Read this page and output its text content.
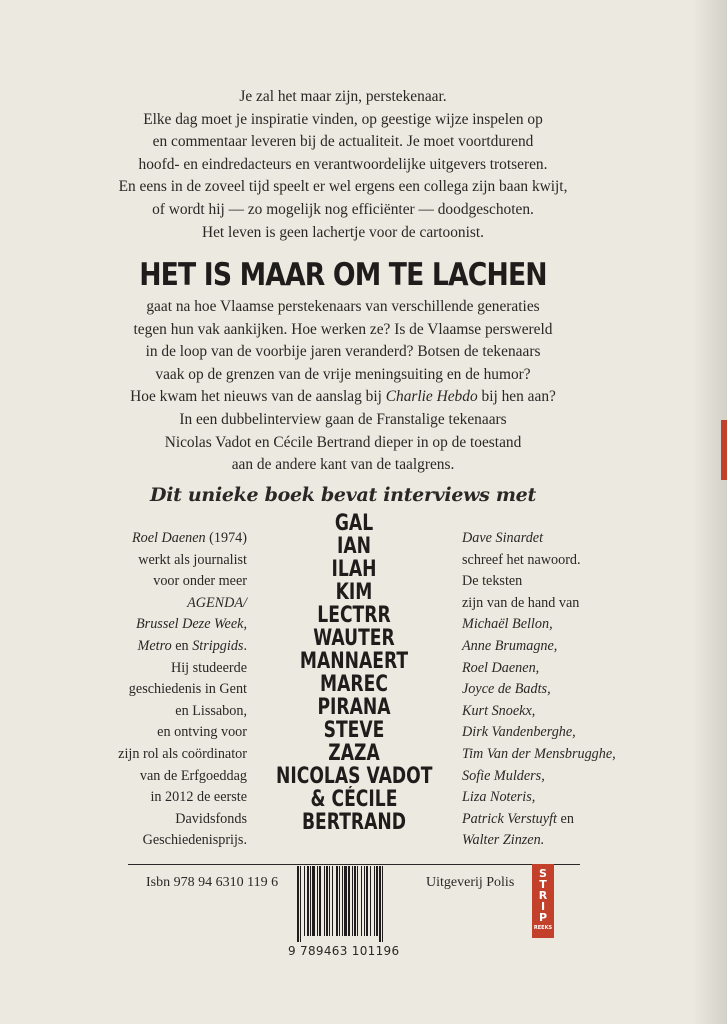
Je zal het maar zijn, perstekenaar.
Elke dag moet je inspiratie vinden, op geestige wijze inspelen op
en commentaar leveren bij de actualiteit. Je moet voortdurend
hoofd- en eindredacteurs en verantwoordelijke uitgevers trotseren.
En eens in de zoveel tijd speelt er wel ergens een collega zijn baan kwijt,
of wordt hij — zo mogelijk nog efficiënter — doodgeschoten.
Het leven is geen lachertje voor de cartoonist.
HET IS MAAR OM TE LACHEN
gaat na hoe Vlaamse perstekenaars van verschillende generaties
tegen hun vak aankijken. Hoe werken ze? Is de Vlaamse perswereld
in de loop van de voorbije jaren veranderd? Botsen de tekenaars
vaak op de grenzen van de vrije meningsuiting en de humor?
Hoe kwam het nieuws van de aanslag bij Charlie Hebdo bij hen aan?
In een dubbelinterview gaan de Franstalige tekenaars
Nicolas Vadot en Cécile Bertrand dieper in op de toestand
aan de andere kant van de taalgrens.
Dit unieke boek bevat interviews met
Roel Daenen (1974)
werkt als journalist
voor onder meer
AGENDA/
Brussel Deze Week,
Metro en Stripgids.
Hij studeerde
geschiedenis in Gent
en Lissabon,
en ontving voor
zijn rol als coördinator
van de Erfgoeddag
in 2012 de eerste
Davidsfonds
Geschiedenisprijs.
GAL
IAN
ILAH
KIM
LECTRR
WAUTER
MANNAERT
MAREC
PIRANA
STEVE
ZAZA
NICOLAS VADOT
& CÉCILE
BERTRAND
Dave Sinardet
schreef het nawoord.
De teksten
zijn van de hand van
Michaël Bellon,
Anne Brumagne,
Roel Daenen,
Joyce de Badts,
Kurt Snoekx,
Dirk Vandenberghe,
Tim Van der Mensbrugghe,
Sofie Mulders,
Liza Noteris,
Patrick Verstuyft en
Walter Zinzen.
Isbn 978 94 6310 119 6
9 789463 101196
Uitgeverij Polis
S
T
R
I
P
REEKS
